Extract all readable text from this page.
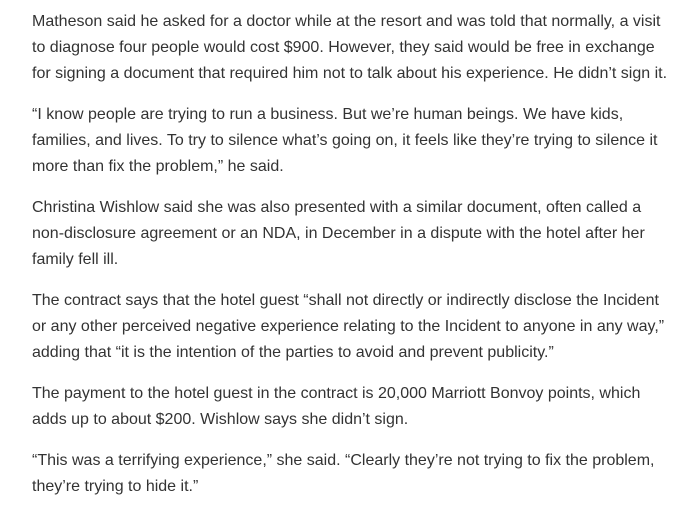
Matheson said he asked for a doctor while at the resort and was told that normally, a visit to diagnose four people would cost $900. However, they said would be free in exchange for signing a document that required him not to talk about his experience. He didn’t sign it.

“I know people are trying to run a business. But we’re human beings. We have kids, families, and lives. To try to silence what’s going on, it feels like they’re trying to silence it more than fix the problem,” he said.

Christina Wishlow said she was also presented with a similar document, often called a non-disclosure agreement or an NDA, in December in a dispute with the hotel after her family fell ill.

The contract says that the hotel guest “shall not directly or indirectly disclose the Incident or any other perceived negative experience relating to the Incident to anyone in any way,” adding that “it is the intention of the parties to avoid and prevent publicity.”

The payment to the hotel guest in the contract is 20,000 Marriott Bonvoy points, which adds up to about $200. Wishlow says she didn’t sign.

“This was a terrifying experience,” she said. “Clearly they’re not trying to fix the problem, they’re trying to hide it.”
